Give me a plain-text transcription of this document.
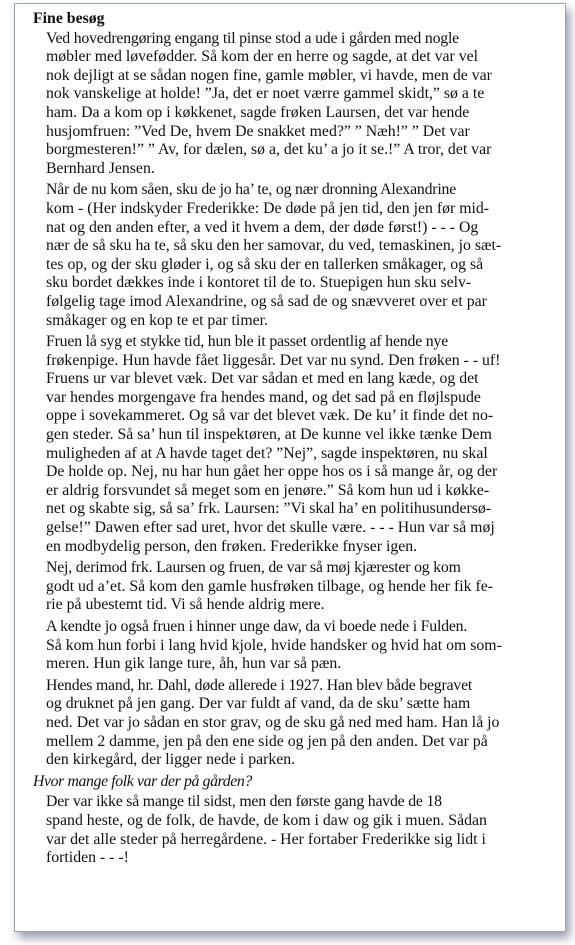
Fine besøg

Ved hovedrengøring engang til pinse stod a ude i gården med nogle
møbler med løvefødder. Så kom der en herre og sagde, at det var vel
nok dejligt at se sådan nogen fine, gamle møbler, vi havde, men de var
nok vanskelige at holde! ”Ja, det er noet værre gammel skidt,” sø a te
ham. Da a kom op i køkkenet, sagde frøken Laursen, det var hende
husjomfruen: ”Ved De, hvem De snakket med?” ” Næh!” ” Det var
borgmesteren!” ” Av, for dælen, sø a, det ku’ a jo it se.!” A tror, det var
Bernhard Jensen.

Når de nu kom såen, sku de jo ha’ te, og nær dronning Alexandrine
kom - (Her indskyder Frederikke: De døde på jen tid, den jen før mid-
nat og den anden efter, a ved it hvem a dem, der døde først!) - - - Og
nær de så sku ha te, så sku den her samovar, du ved, temaskinen, jo sæt-
tes op, og der sku gløder i, og så sku der en tallerken småkager, og så
sku bordet dækkes inde i kontoret til de to. Stuepigen hun sku selv-
følgelig tage imod Alexandrine, og så sad de og snævveret over et par
småkager og en kop te et par timer.

Fruen lå syg et stykke tid, hun ble it passet ordentlig af hende nye
frøkenpige. Hun havde fået liggesår. Det var nu synd. Den frøken - - uf!
Fruens ur var blevet væk. Det var sådan et med en lang kæde, og det
var hendes morgengave fra hendes mand, og det sad på en fløjlspude
oppe i sovekammeret. Og så var det blevet væk. De ku’ it finde det no-
gen steder. Så sa’ hun til inspektøren, at De kunne vel ikke tænke Dem
muligheden af at A havde taget det? ”Nej”, sagde inspektøren, nu skal
De holde op. Nej, nu har hun gået her oppe hos os i så mange år, og der
er aldrig forsvundet så meget som en jenøre.” Så kom hun ud i køkke-
net og skabte sig, så sa’ frk. Laursen: ”Vi skal ha’ en politihusundersø-
gelse!” Dawen efter sad uret, hvor det skulle være. - - - Hun var så møj
en modbydelig person, den frøken. Frederikke fnyser igen.

Nej, derimod frk. Laursen og fruen, de var så møj kjærester og kom
godt ud a’et. Så kom den gamle husfrøken tilbage, og hende her fik fe-
rie på ubestemt tid. Vi så hende aldrig mere.

A kendte jo også fruen i hinner unge daw, da vi boede nede i Fulden.
Så kom hun forbi i lang hvid kjole, hvide handsker og hvid hat om som-
meren. Hun gik lange ture, åh, hun var så pæn.

Hendes mand, hr. Dahl, døde allerede i 1927. Han blev både begravet
og druknet på jen gang. Der var fuldt af vand, da de sku’ sætte ham
ned. Det var jo sådan en stor grav, og de sku gå ned med ham. Han lå jo
mellem 2 damme, jen på den ene side og jen på den anden. Det var på
den kirkegård, der ligger nede i parken.

Hvor mange folk var der på gården?

Der var ikke så mange til sidst, men den første gang havde de 18
spand heste, og de folk, de havde, de kom i daw og gik i muen. Sådan
var det alle steder på herregårdene. - Her fortaber Frederikke sig lidt i
fortiden - - -!
